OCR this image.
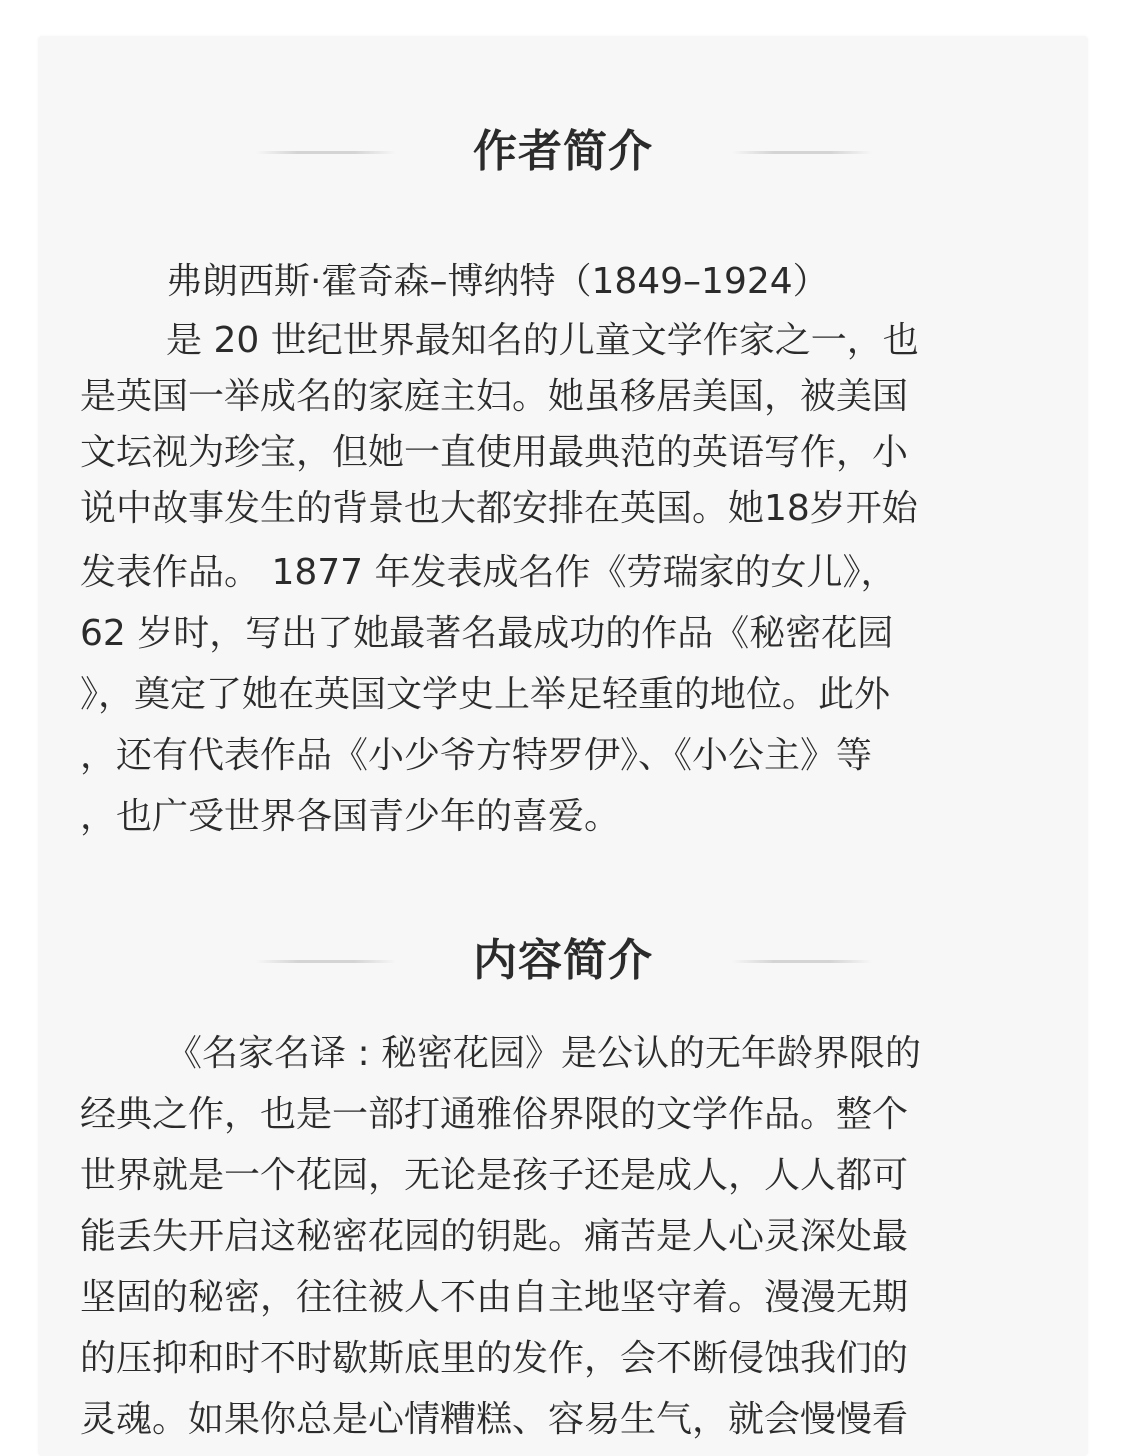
作者简介
弗朗西斯·霍奇森–博纳特（1849–1924）
是 20 世纪世界最知名的儿童文学作家之一，也
是英国一举成名的家庭主妇。她虽移居美国，被美国
文坛视为珍宝，但她一直使用最典范的英语写作，小
说中故事发生的背景也大都安排在英国。她18岁开始
发表作品。 1877 年发表成名作《劳瑞家的女儿》，
62 岁时，写出了她最著名最成功的作品《秘密花园
》，奠定了她在英国文学史上举足轻重的地位。此外
，还有代表作品《小少爷方特罗伊》、《小公主》等
，也广受世界各国青少年的喜爱。
内容简介
《名家名译 : 秘密花园》是公认的无年龄界限的
经典之作，也是一部打通雅俗界限的文学作品。整个
世界就是一个花园，无论是孩子还是成人，人人都可
能丢失开启这秘密花园的钥匙。痛苦是人心灵深处最
坚固的秘密，往往被人不由自主地坚守着。漫漫无期
的压抑和时不时歇斯底里的发作，会不断侵蚀我们的
灵魂。如果你总是心情糟糕、容易生气，就会慢慢看
